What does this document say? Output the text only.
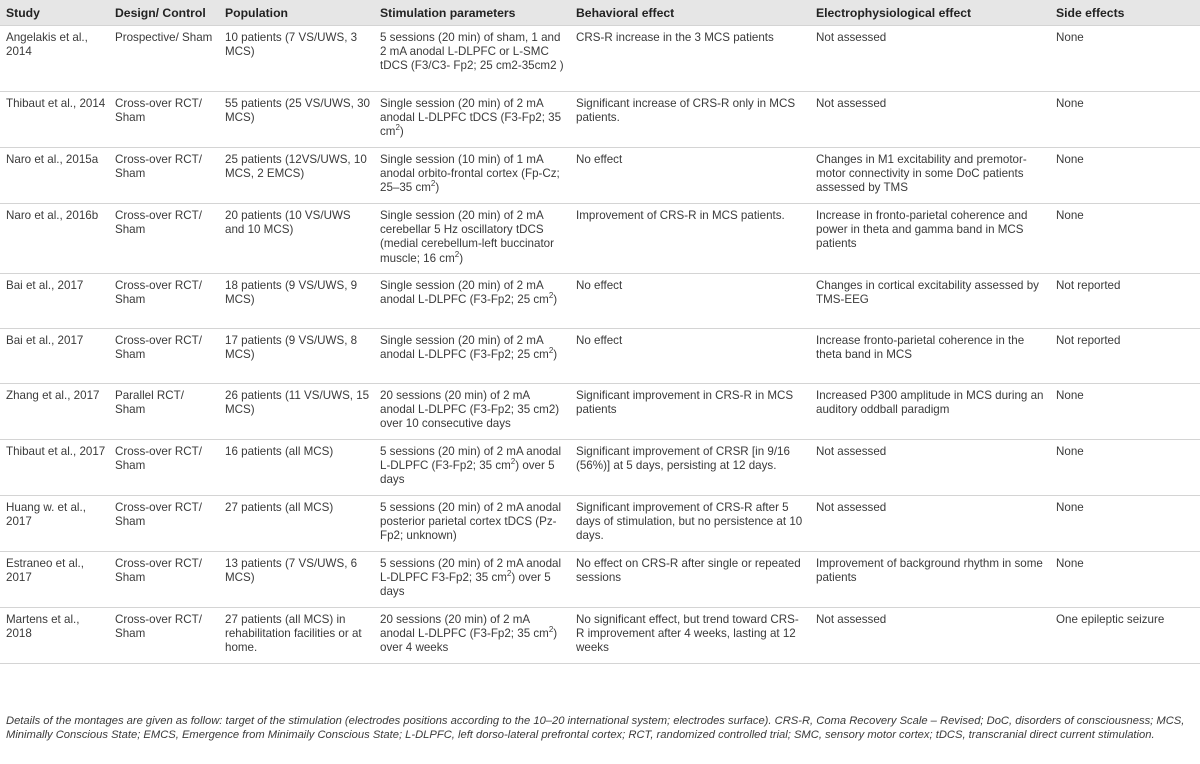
Study	Design/ Control	Population	Stimulation parameters	Behavioral effect	Electrophysiological effect	Side effects
Angelakis et al., 2014	Prospective/ Sham	10 patients (7 VS/UWS, 3 MCS)	5 sessions (20 min) of sham, 1 and 2 mA anodal L-DLPFC or L-SMC tDCS (F3/C3- Fp2; 25 cm2-35cm2 )	CRS-R increase in the 3 MCS patients	Not assessed	None
Thibaut et al., 2014	Cross-over RCT/ Sham	55 patients (25 VS/UWS, 30 MCS)	Single session (20 min) of 2 mA anodal L-DLPFC tDCS (F3-Fp2; 35 $cm^2$)	Significant increase of CRS-R only in MCS patients.	Not assessed	None
Naro et al., 2015a	Cross-over RCT/ Sham	25 patients (12VS/UWS, 10 MCS, 2 EMCS)	Single session (10 min) of 1 mA anodal orbito-frontal cortex (Fp-Cz; 25–35 $cm^2$)	No effect	Changes in M1 excitability and premotor-motor connectivity in some DoC patients assessed by TMS	None
Naro et al., 2016b	Cross-over RCT/ Sham	20 patients (10 VS/UWS and 10 MCS)	Single session (20 min) of 2 mA cerebellar 5 Hz oscillatory tDCS (medial cerebellum-left buccinator muscle; 16 $cm^2$)	Improvement of CRS-R in MCS patients.	Increase in fronto-parietal coherence and power in theta and gamma band in MCS patients	None
Bai et al., 2017	Cross-over RCT/ Sham	18 patients (9 VS/UWS, 9 MCS)	Single session (20 min) of 2 mA anodal L-DLPFC (F3-Fp2; 25 $cm^2$)	No effect	Changes in cortical excitability assessed by TMS-EEG	Not reported
Bai et al., 2017	Cross-over RCT/ Sham	17 patients (9 VS/UWS, 8 MCS)	Single session (20 min) of 2 mA anodal L-DLPFC (F3-Fp2; 25 $cm^2$)	No effect	Increase fronto-parietal coherence in the theta band in MCS	Not reported
Zhang et al., 2017	Parallel RCT/ Sham	26 patients (11 VS/UWS, 15 MCS)	20 sessions (20 min) of 2 mA anodal L-DLPFC (F3-Fp2; 35 cm2) over 10 consecutive days	Significant improvement in CRS-R in MCS patients	Increased P300 amplitude in MCS during an auditory oddball paradigm	None
Thibaut et al., 2017	Cross-over RCT/ Sham	16 patients (all MCS)	5 sessions (20 min) of 2 mA anodal L-DLPFC (F3-Fp2; 35 $cm^2$) over 5 days	Significant improvement of CRSR [in 9/16 (56%)] at 5 days, persisting at 12 days.	Not assessed	None
Huang w. et al., 2017	Cross-over RCT/ Sham	27 patients (all MCS)	5 sessions (20 min) of 2 mA anodal posterior parietal cortex tDCS (Pz-Fp2; unknown)	Significant improvement of CRS-R after 5 days of stimulation, but no persistence at 10 days.	Not assessed	None
Estraneo et al., 2017	Cross-over RCT/ Sham	13 patients (7 VS/UWS, 6 MCS)	5 sessions (20 min) of 2 mA anodal L-DLPFC F3-Fp2; 35 $cm^2$) over 5 days	No effect on CRS-R after single or repeated sessions	Improvement of background rhythm in some patients	None
Martens et al., 2018	Cross-over RCT/ Sham	27 patients (all MCS) in rehabilitation facilities or at home.	20 sessions (20 min) of 2 mA anodal L-DLPFC (F3-Fp2; 35 $cm^2$) over 4 weeks	No significant effect, but trend toward CRS-R improvement after 4 weeks, lasting at 12 weeks	Not assessed	One epileptic seizure

Details of the montages are given as follow: target of the stimulation (electrodes positions according to the 10–20 international system; electrodes surface). CRS-R, Coma Recovery Scale – Revised; DoC, disorders of consciousness; MCS, Minimally Conscious State; EMCS, Emergence from Minimaily Conscious State; L-DLPFC, left dorso-lateral prefrontal cortex; RCT, randomized controlled trial; SMC, sensory motor cortex; tDCS, transcranial direct current stimulation.
